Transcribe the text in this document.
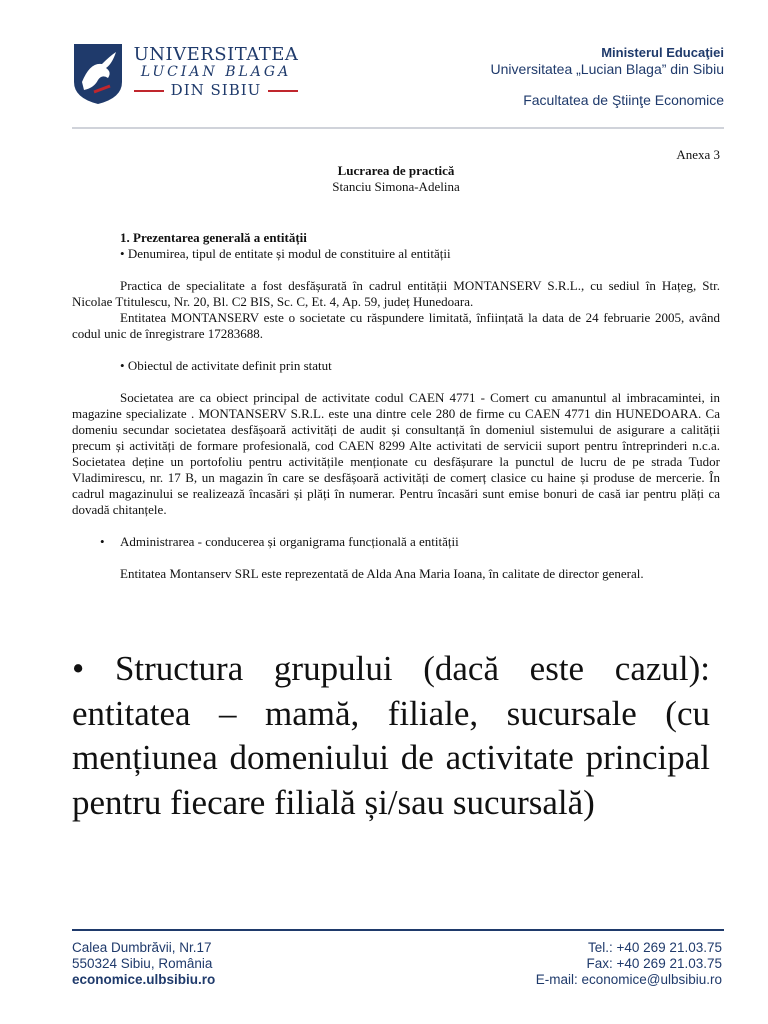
UNIVERSITATEA
LUCIAN BLAGA
DIN SIBIU
Ministerul Educaţiei
Universitatea „Lucian Blaga” din Sibiu
Facultatea de Ştiinţe Economice
Anexa 3
Lucrarea de practică
Stanciu Simona-Adelina
1. Prezentarea generală a entității
• Denumirea, tipul de entitate și modul de constituire al entității

Practica de specialitate a fost desfășurată în cadrul entității MONTANSERV S.R.L., cu sediul în Hațeg, Str. Nicolae Ttitulescu, Nr. 20, Bl. C2 BIS, Sc. C, Et. 4, Ap. 59, județ Hunedoara.

Entitatea MONTANSERV este o societate cu răspundere limitată, înființată la data de 24 februarie 2005, având codul unic de înregistrare 17283688.

• Obiectul de activitate definit prin statut

Societatea are ca obiect principal de activitate codul CAEN 4771 - Comert cu amanuntul al imbracamintei, in magazine specializate . MONTANSERV S.R.L. este una dintre cele 280 de firme cu CAEN 4771 din HUNEDOARA. Ca domeniu secundar societatea desfășoară activități de audit și consultanță în domeniul sistemului de asigurare a calității precum și activități de formare profesională, cod CAEN 8299 Alte activitati de servicii suport pentru întreprinderi n.c.a. Societatea deține un portofoliu pentru activitățile menționate cu desfășurare la punctul de lucru de pe strada Tudor Vladimirescu, nr. 17 B, un magazin în care se desfășoară activități de comerț clasice cu haine și produse de mercerie. În cadrul magazinului se realizează încasări și plăți în numerar. Pentru încasări sunt emise bonuri de casă iar pentru plăți ca dovadă chitanțele.

• Administrarea - conducerea și organigrama funcțională a entității

Entitatea Montanserv SRL este reprezentată de Alda Ana Maria Ioana, în calitate de director general.

• Structura grupului (dacă este cazul): entitatea – mamă, filiale, sucursale (cu mențiunea domeniului de activitate principal pentru fiecare filială și/sau sucursală)
Calea Dumbrăvii, Nr.17
550324 Sibiu, România
economice.ulbsibiu.ro
Tel.: +40 269 21.03.75
Fax: +40 269 21.03.75
E-mail: economice@ulbsibiu.ro
